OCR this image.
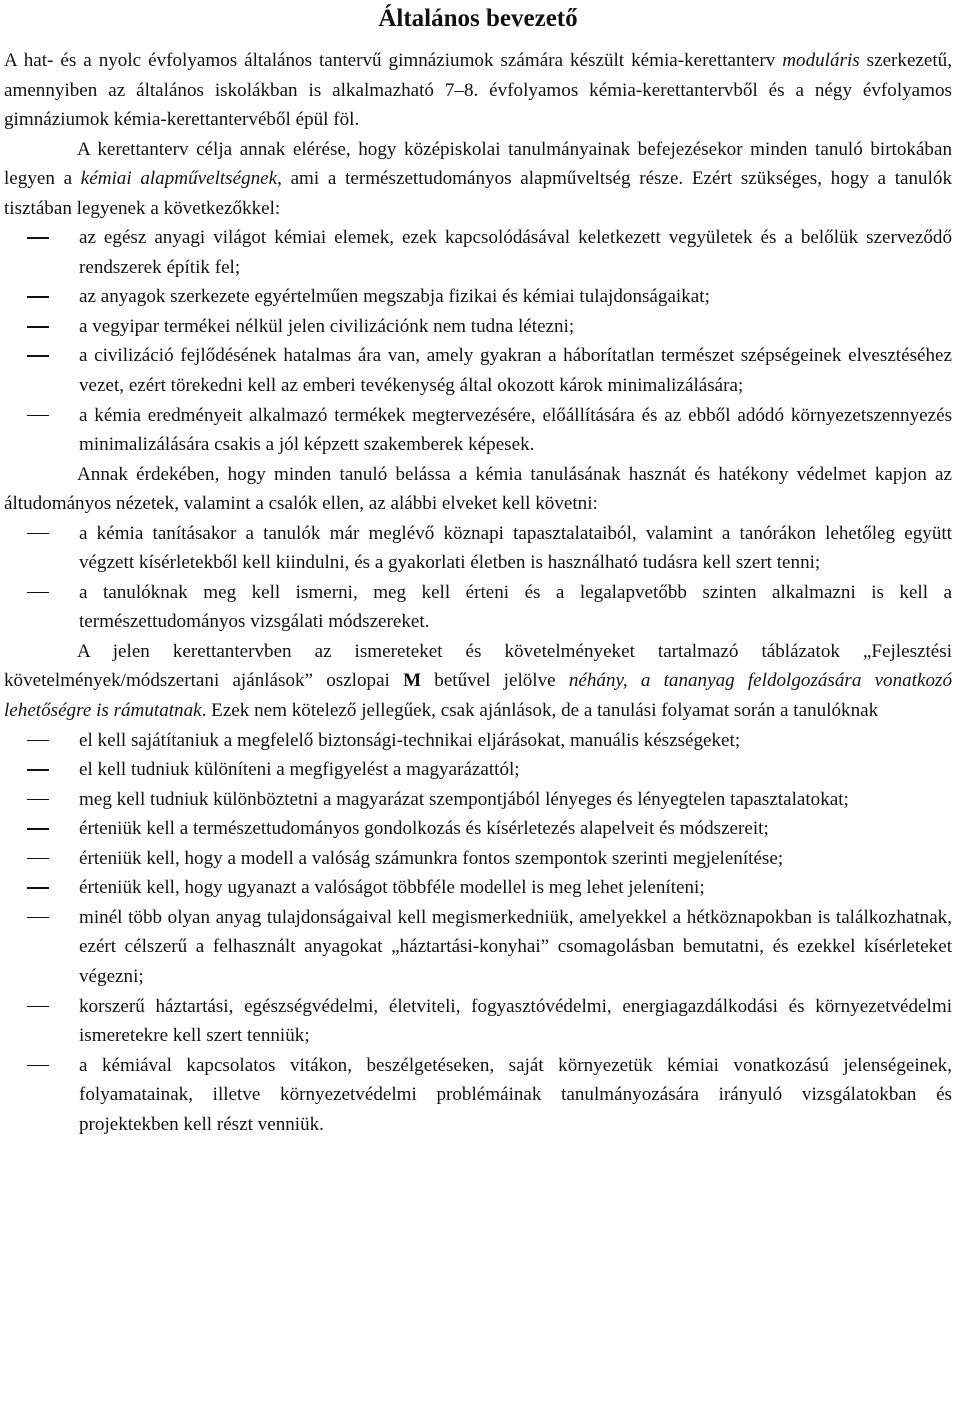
Általános bevezető

A hat- és a nyolc évfolyamos általános tantervű gimnáziumok számára készült kémia-kerettanterv moduláris szerkezetű, amennyiben az általános iskolákban is alkalmazható 7–8. évfolyamos kémia-kerettantervből és a négy évfolyamos gimnáziumok kémia-kerettantervéből épül föl.

A kerettanterv célja annak elérése, hogy középiskolai tanulmányainak befejezésekor minden tanuló birtokában legyen a kémiai alapműveltségnek, ami a természettudományos alapműveltség része. Ezért szükséges, hogy a tanulók tisztában legyenek a következőkkel:

az egész anyagi világot kémiai elemek, ezek kapcsolódásával keletkezett vegyületek és a belőlük szerveződő rendszerek építik fel;
az anyagok szerkezete egyértelműen megszabja fizikai és kémiai tulajdonságaikat;
a vegyipar termékei nélkül jelen civilizációnk nem tudna létezni;
a civilizáció fejlődésének hatalmas ára van, amely gyakran a háborítatlan természet szépségeinek elvesztéséhez vezet, ezért törekedni kell az emberi tevékenység által okozott károk minimalizálására;
a kémia eredményeit alkalmazó termékek megtervezésére, előállítására és az ebből adódó környezetszennyezés minimalizálására csakis a jól képzett szakemberek képesek.

Annak érdekében, hogy minden tanuló belássa a kémia tanulásának hasznát és hatékony védelmet kapjon az áltudományos nézetek, valamint a csalók ellen, az alábbi elveket kell követni:

a kémia tanításakor a tanulók már meglévő köznapi tapasztalataiból, valamint a tanórákon lehetőleg együtt végzett kísérletekből kell kiindulni, és a gyakorlati életben is használható tudásra kell szert tenni;
a tanulóknak meg kell ismerni, meg kell érteni és a legalapvetőbb szinten alkalmazni is kell a természettudományos vizsgálati módszereket.

A jelen kerettantervben az ismereteket és követelményeket tartalmazó táblázatok „Fejlesztési követelmények/módszertani ajánlások” oszlopai M betűvel jelölve néhány, a tananyag feldolgozására vonatkozó lehetőségre is rámutatnak. Ezek nem kötelező jellegűek, csak ajánlások, de a tanulási folyamat során a tanulóknak

el kell sajátítaniuk a megfelelő biztonsági-technikai eljárásokat, manuális készségeket;
el kell tudniuk különíteni a megfigyelést a magyarázattól;
meg kell tudniuk különböztetni a magyarázat szempontjából lényeges és lényegtelen tapasztalatokat;
érteniük kell a természettudományos gondolkozás és kísérletezés alapelveit és módszereit;
érteniük kell, hogy a modell a valóság számunkra fontos szempontok szerinti megjelenítése;
érteniük kell, hogy ugyanazt a valóságot többféle modellel is meg lehet jeleníteni;
minél több olyan anyag tulajdonságaival kell megismerkedniük, amelyekkel a hétköznapokban is találkozhatnak, ezért célszerű a felhasznált anyagokat „háztartási-konyhai” csomagolásban bemutatni, és ezekkel kísérleteket végezni;
korszerű háztartási, egészségvédelmi, életviteli, fogyasztóvédelmi, energiagazdálkodási és környezetvédelmi ismeretekre kell szert tenniük;
a kémiával kapcsolatos vitákon, beszélgetéseken, saját környezetük kémiai vonatkozású jelenségeinek, folyamatainak, illetve környezetvédelmi problémáinak tanulmányozására irányuló vizsgálatokban és projektekben kell részt venniük.
